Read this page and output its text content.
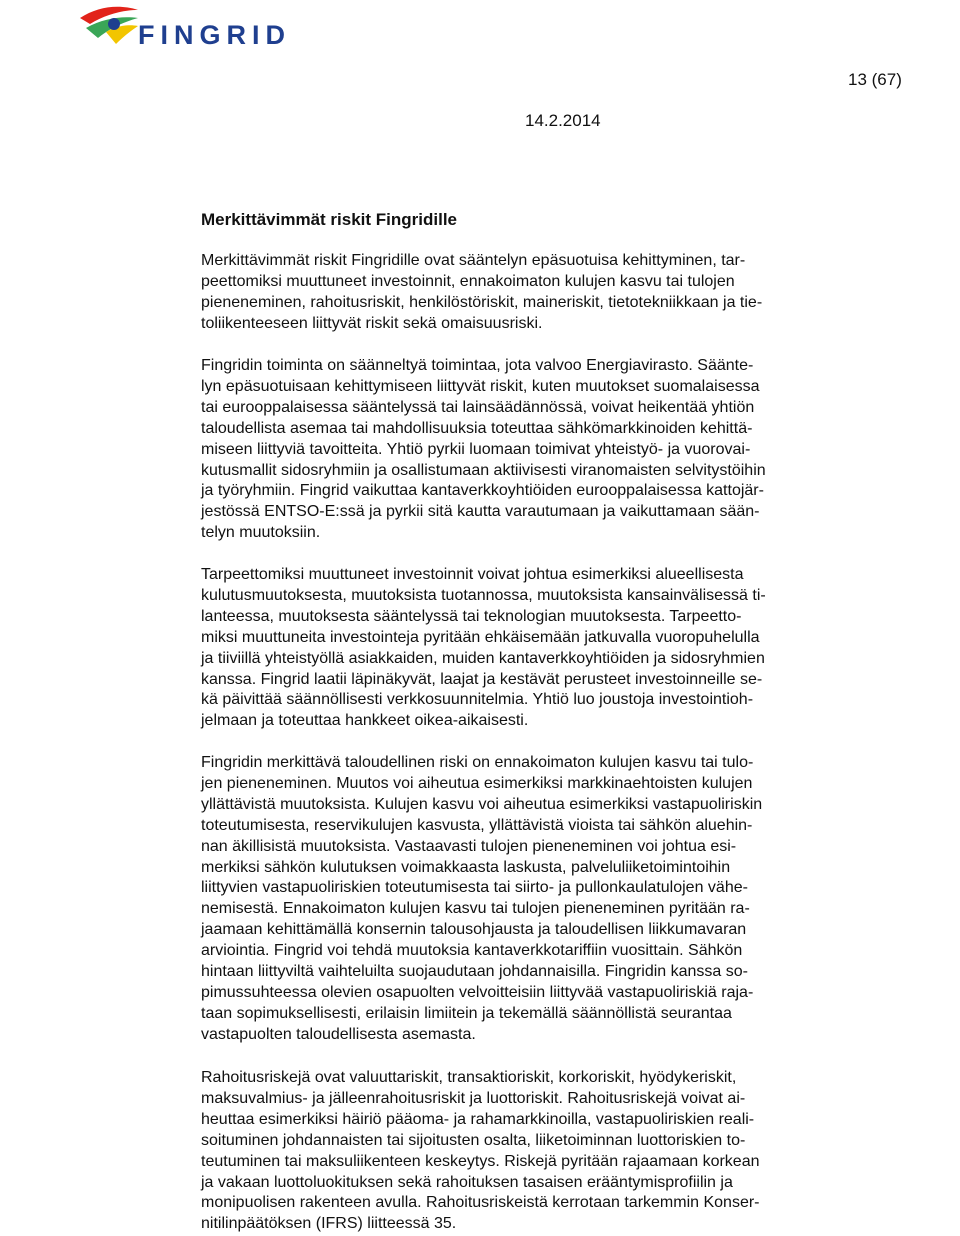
FINGRID
13 (67)
14.2.2014
Merkittävimmät riskit Fingridille

Merkittävimmät riskit Fingridille ovat sääntelyn epäsuotuisa kehittyminen, tar-
peettomiksi muuttuneet investoinnit, ennakoimaton kulujen kasvu tai tulojen
pieneneminen, rahoitusriskit, henkilöstöriskit, maineriskit, tietotekniikkaan ja tie-
toliikenteeseen liittyvät riskit sekä omaisuusriski.

Fingridin toiminta on säänneltyä toimintaa, jota valvoo Energiavirasto. Säänte-
lyn epäsuotuisaan kehittymiseen liittyvät riskit, kuten muutokset suomalaisessa
tai eurooppalaisessa sääntelyssä tai lainsäädännössä, voivat heikentää yhtiön
taloudellista asemaa tai mahdollisuuksia toteuttaa sähkömarkkinoiden kehittä-
miseen liittyviä tavoitteita. Yhtiö pyrkii luomaan toimivat yhteistyö- ja vuorovai-
kutusmallit sidosryhmiin ja osallistumaan aktiivisesti viranomaisten selvitystöihin
ja työryhmiin. Fingrid vaikuttaa kantaverkkoyhtiöiden eurooppalaisessa kattojär-
jestössä ENTSO-E:ssä ja pyrkii sitä kautta varautumaan ja vaikuttamaan sään-
telyn muutoksiin.

Tarpeettomiksi muuttuneet investoinnit voivat johtua esimerkiksi alueellisesta
kulutusmuutoksesta, muutoksista tuotannossa, muutoksista kansainvälisessä ti-
lanteessa, muutoksesta sääntelyssä tai teknologian muutoksesta. Tarpeetto-
miksi muuttuneita investointeja pyritään ehkäisemään jatkuvalla vuoropuhelulla
ja tiiviillä yhteistyöllä asiakkaiden, muiden kantaverkkoyhtiöiden ja sidosryhmien
kanssa. Fingrid laatii läpinäkyvät, laajat ja kestävät perusteet investoinneille se-
kä päivittää säännöllisesti verkkosuunnitelmia. Yhtiö luo joustoja investointioh-
jelmaan ja toteuttaa hankkeet oikea-aikaisesti.

Fingridin merkittävä taloudellinen riski on ennakoimaton kulujen kasvu tai tulo-
jen pieneneminen. Muutos voi aiheutua esimerkiksi markkinaehtoisten kulujen
yllättävistä muutoksista. Kulujen kasvu voi aiheutua esimerkiksi vastapuoliriskin
toteutumisesta, reservikulujen kasvusta, yllättävistä vioista tai sähkön aluehin-
nan äkillisistä muutoksista. Vastaavasti tulojen pieneneminen voi johtua esi-
merkiksi sähkön kulutuksen voimakkaasta laskusta, palveluliiketoimintoihin
liittyvien vastapuoliriskien toteutumisesta tai siirto- ja pullonkaulatulojen vähe-
nemisestä. Ennakoimaton kulujen kasvu tai tulojen pieneneminen pyritään ra-
jaamaan kehittämällä konsernin talousohjausta ja taloudellisen liikkumavaran
arviointia. Fingrid voi tehdä muutoksia kantaverkkotariffiin vuosittain. Sähkön
hintaan liittyviltä vaihteluilta suojaudutaan johdannaisilla. Fingridin kanssa so-
pimussuhteessa olevien osapuolten velvoitteisiin liittyvää vastapuoliriskiä raja-
taan sopimuksellisesti, erilaisin limiitein ja tekemällä säännöllistä seurantaa
vastapuolten taloudellisesta asemasta.

Rahoitusriskejä ovat valuuttariskit, transaktioriskit, korkoriskit, hyödykeriskit,
maksuvalmius- ja jälleenrahoitusriskit ja luottoriskit. Rahoitusriskejä voivat ai-
heuttaa esimerkiksi häiriö pääoma- ja rahamarkkinoilla, vastapuoliriskien reali-
soituminen johdannaisten tai sijoitusten osalta, liiketoiminnan luottoriskien to-
teutuminen tai maksuliikenteen keskeytys. Riskejä pyritään rajaamaan korkean
ja vakaan luottoluokituksen sekä rahoituksen tasaisen erääntymisprofiilin ja
monipuolisen rakenteen avulla. Rahoitusriskeistä kerrotaan tarkemmin Konser-
nitilinpäätöksen (IFRS) liitteessä 35.
